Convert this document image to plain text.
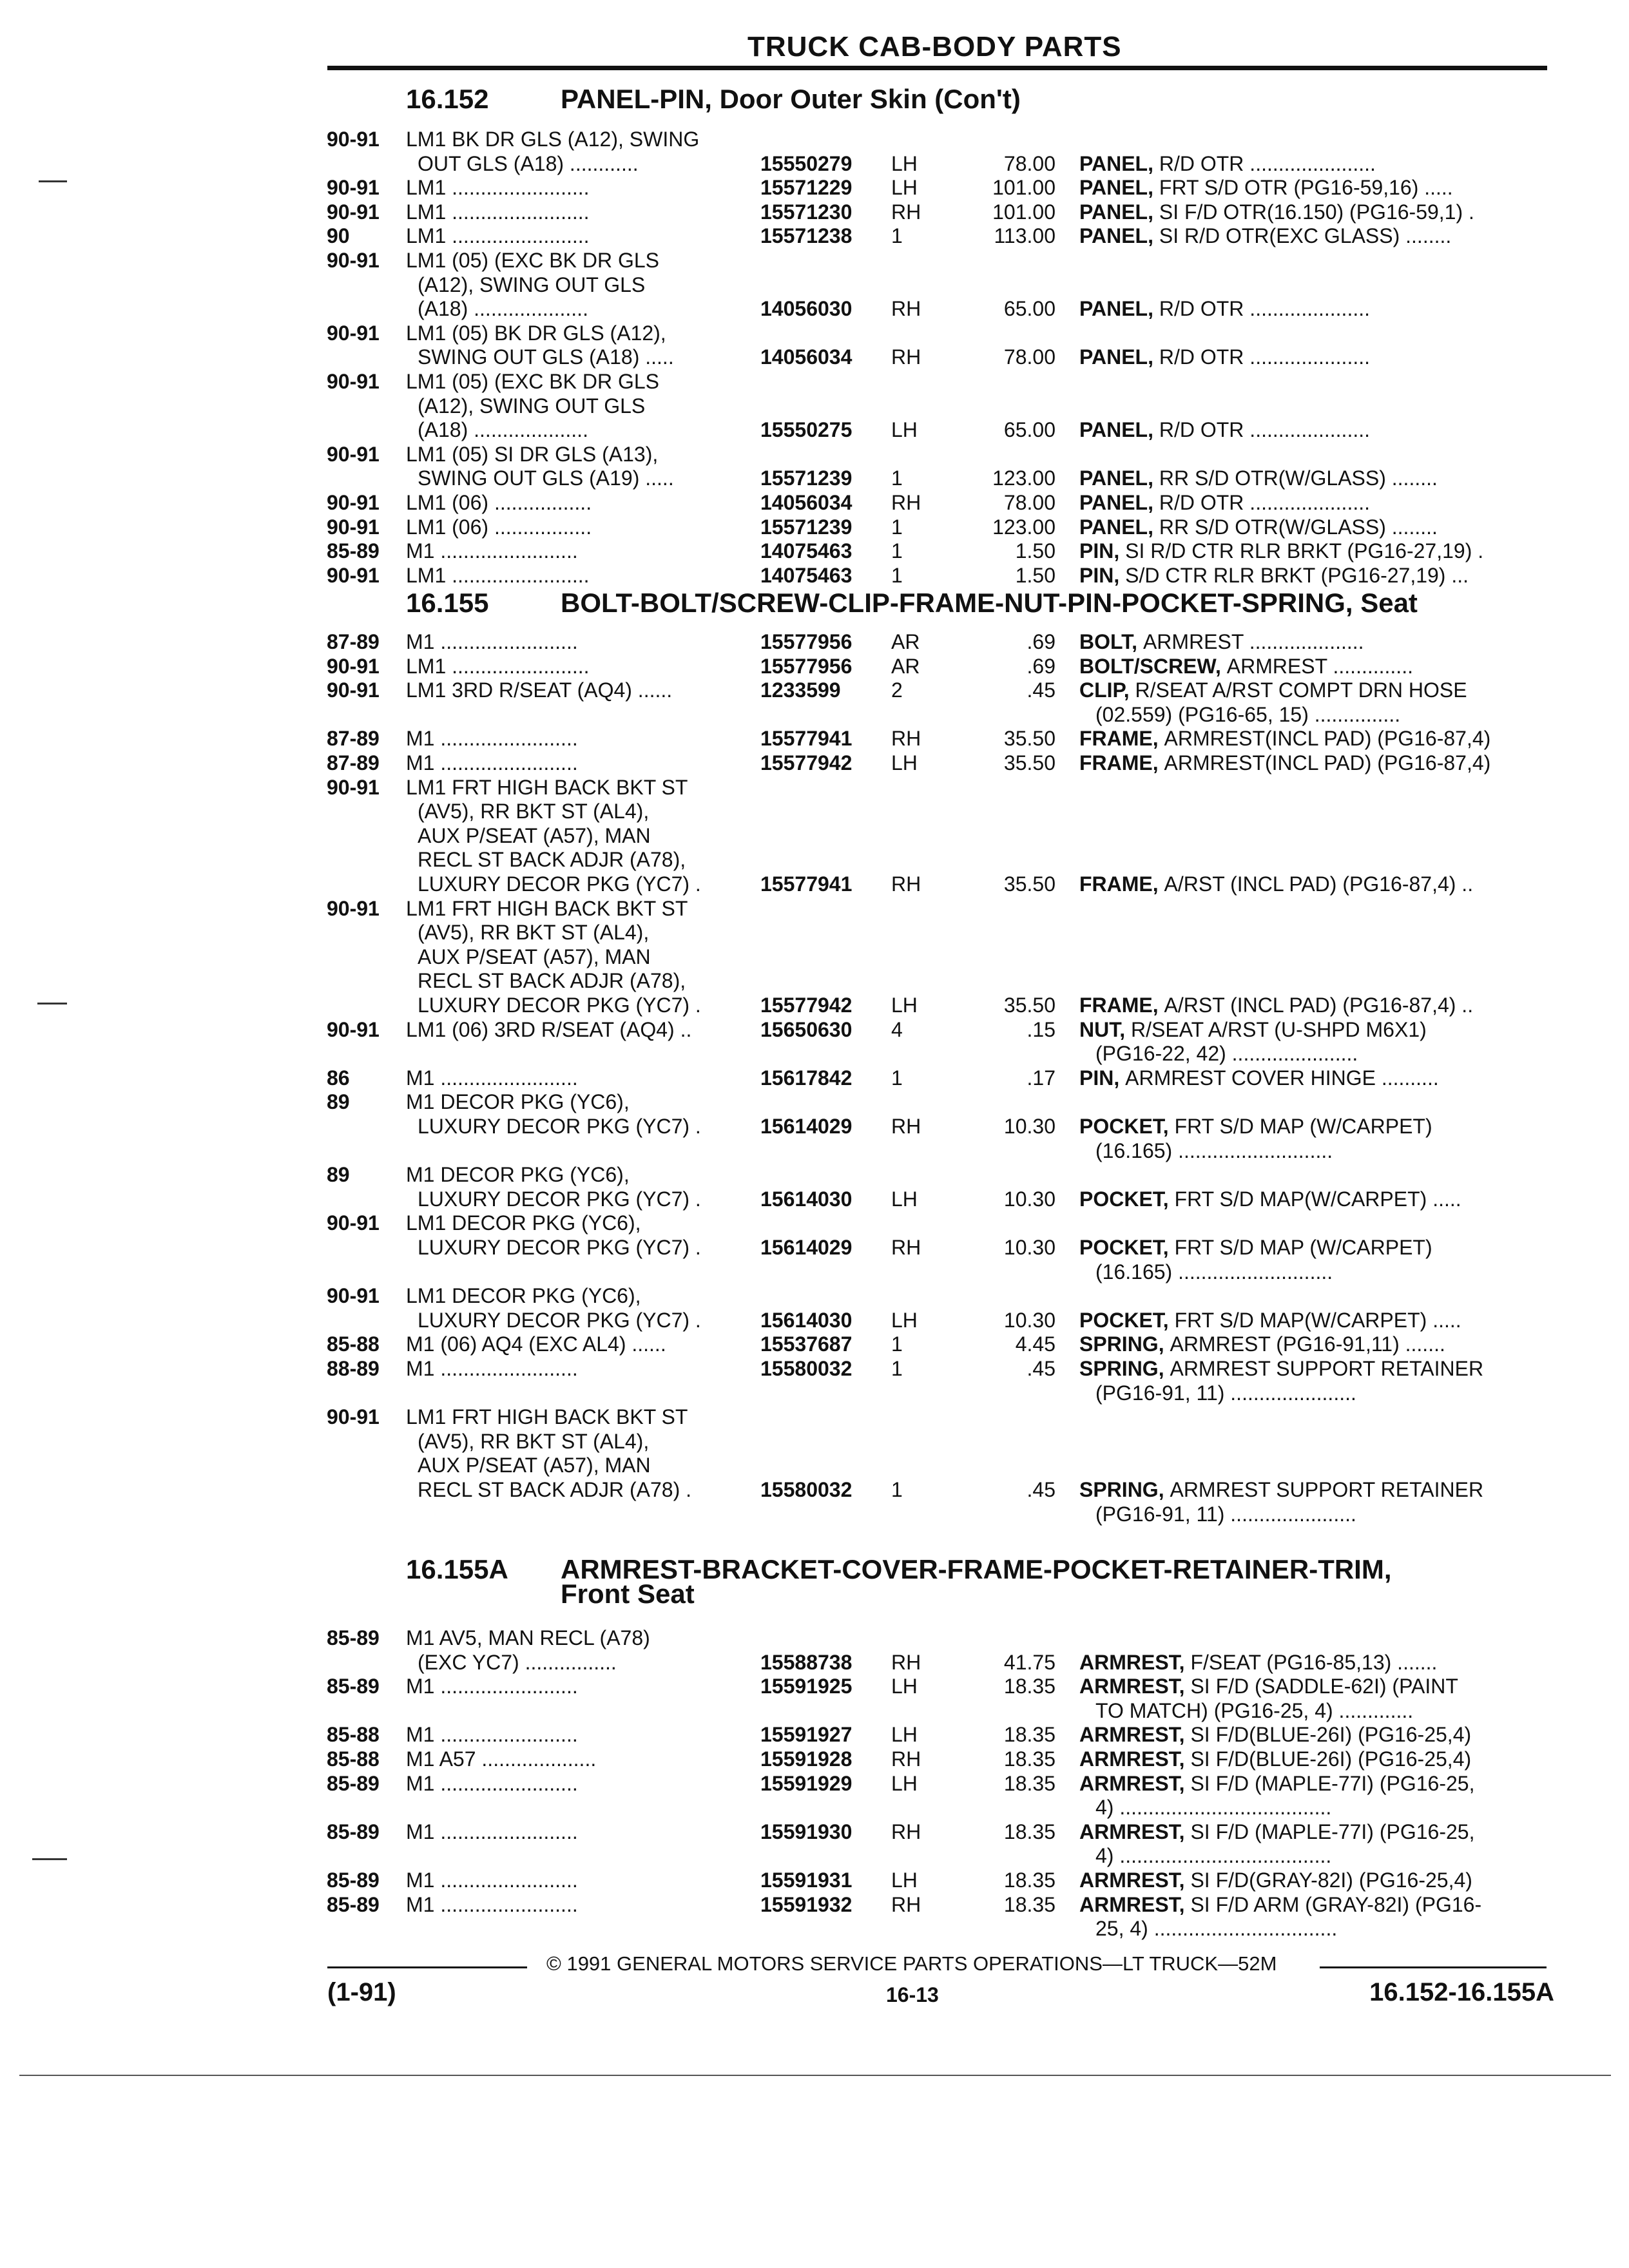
TRUCK CAB-BODY PARTS
16.152	PANEL-PIN, Door Outer Skin (Con't)
90-91 LM1 BK DR GLS (A12), SWING
OUT GLS (A18) ............	15550279 LH	78.00 PANEL, R/D OTR ......................
90-91 LM1 ........................	15571229 LH	101.00 PANEL, FRT S/D OTR (PG16-59,16) .....
90-91 LM1 ........................	15571230 RH	101.00 PANEL, SI F/D OTR(16.150) (PG16-59,1) .
90	LM1 ........................	15571238 1	113.00 PANEL, SI R/D OTR(EXC GLASS) ........
90-91 LM1 (05) (EXC BK DR GLS
(A12), SWING OUT GLS
(A18) ....................	14056030 RH	65.00 PANEL, R/D OTR .....................
90-91 LM1 (05) BK DR GLS (A12),
SWING OUT GLS (A18) .....	14056034 RH	78.00 PANEL, R/D OTR .....................
90-91 LM1 (05) (EXC BK DR GLS
(A12), SWING OUT GLS
(A18) ....................	15550275 LH	65.00 PANEL, R/D OTR .....................
90-91 LM1 (05) SI DR GLS (A13),
SWING OUT GLS (A19) .....	15571239 1	123.00 PANEL, RR S/D OTR(W/GLASS) ........
90-91 LM1 (06) .................	14056034 RH	78.00 PANEL, R/D OTR .....................
90-91 LM1 (06) .................	15571239 1	123.00 PANEL, RR S/D OTR(W/GLASS) ........
85-89 M1 ........................	14075463 1	1.50 PIN, SI R/D CTR RLR BRKT (PG16-27,19) .
90-91 LM1 ........................	14075463 1	1.50 PIN, S/D CTR RLR BRKT (PG16-27,19) ...
16.155	BOLT-BOLT/SCREW-CLIP-FRAME-NUT-PIN-POCKET-SPRING, Seat
87-89 M1 ........................	15577956 AR	.69 BOLT, ARMREST ....................
90-91 LM1 ........................	15577956 AR	.69 BOLT/SCREW, ARMREST ..............
90-91 LM1 3RD R/SEAT (AQ4) ......	1233599 2	.45 CLIP, R/SEAT A/RST COMPT DRN HOSE
(02.559) (PG16-65, 15) ...............
87-89 M1 ........................	15577941 RH	35.50 FRAME, ARMREST(INCL PAD) (PG16-87,4)
87-89 M1 ........................	15577942 LH	35.50 FRAME, ARMREST(INCL PAD) (PG16-87,4)
90-91 LM1 FRT HIGH BACK BKT ST
(AV5), RR BKT ST (AL4),
AUX P/SEAT (A57), MAN
RECL ST BACK ADJR (A78),
LUXURY DECOR PKG (YC7) .	15577941 RH	35.50 FRAME, A/RST (INCL PAD) (PG16-87,4) ..
90-91 LM1 FRT HIGH BACK BKT ST
(AV5), RR BKT ST (AL4),
AUX P/SEAT (A57), MAN
RECL ST BACK ADJR (A78),
LUXURY DECOR PKG (YC7) .	15577942 LH	35.50 FRAME, A/RST (INCL PAD) (PG16-87,4) ..
90-91 LM1 (06) 3RD R/SEAT (AQ4) ..	15650630 4	.15 NUT, R/SEAT A/RST (U-SHPD M6X1)
(PG16-22, 42) ......................
86	M1 ........................	15617842 1	.17 PIN, ARMREST COVER HINGE ..........
89	M1 DECOR PKG (YC6),
LUXURY DECOR PKG (YC7) .	15614029 RH	10.30 POCKET, FRT S/D MAP (W/CARPET)
(16.165) ...........................
89	M1 DECOR PKG (YC6),
LUXURY DECOR PKG (YC7) .	15614030 LH	10.30 POCKET, FRT S/D MAP(W/CARPET) .....
90-91 LM1 DECOR PKG (YC6),
LUXURY DECOR PKG (YC7) .	15614029 RH	10.30 POCKET, FRT S/D MAP (W/CARPET)
(16.165) ...........................
90-91 LM1 DECOR PKG (YC6),
LUXURY DECOR PKG (YC7) .	15614030 LH	10.30 POCKET, FRT S/D MAP(W/CARPET) .....
85-88 M1 (06) AQ4 (EXC AL4) ......	15537687 1	4.45 SPRING, ARMREST (PG16-91,11) .......
88-89 M1 ........................	15580032 1	.45 SPRING, ARMREST SUPPORT RETAINER
(PG16-91, 11) ......................
90-91 LM1 FRT HIGH BACK BKT ST
(AV5), RR BKT ST (AL4),
AUX P/SEAT (A57), MAN
RECL ST BACK ADJR (A78) .	15580032 1	.45 SPRING, ARMREST SUPPORT RETAINER
(PG16-91, 11) ......................
16.155A ARMREST-BRACKET-COVER-FRAME-POCKET-RETAINER-TRIM,
Front Seat
85-89 M1 AV5, MAN RECL (A78)
(EXC YC7) ................	15588738 RH	41.75 ARMREST, F/SEAT (PG16-85,13) .......
85-89 M1 ........................	15591925 LH	18.35 ARMREST, SI F/D (SADDLE-62I) (PAINT
TO MATCH) (PG16-25, 4) .............
85-88 M1 ........................	15591927 LH	18.35 ARMREST, SI F/D(BLUE-26I) (PG16-25,4)
85-88 M1 A57 ....................	15591928 RH	18.35 ARMREST, SI F/D(BLUE-26I) (PG16-25,4)
85-89 M1 ........................	15591929 LH	18.35 ARMREST, SI F/D (MAPLE-77I) (PG16-25,
4) .....................................
85-89 M1 ........................	15591930 RH	18.35 ARMREST, SI F/D (MAPLE-77I) (PG16-25,
4) .....................................
85-89 M1 ........................	15591931 LH	18.35 ARMREST, SI F/D(GRAY-82I) (PG16-25,4)
85-89 M1 ........................	15591932 RH	18.35 ARMREST, SI F/D ARM (GRAY-82I) (PG16-
25, 4) ................................
© 1991 GENERAL MOTORS SERVICE PARTS OPERATIONS—LT TRUCK—52M
(1-91)	16-13	16.152-16.155A
